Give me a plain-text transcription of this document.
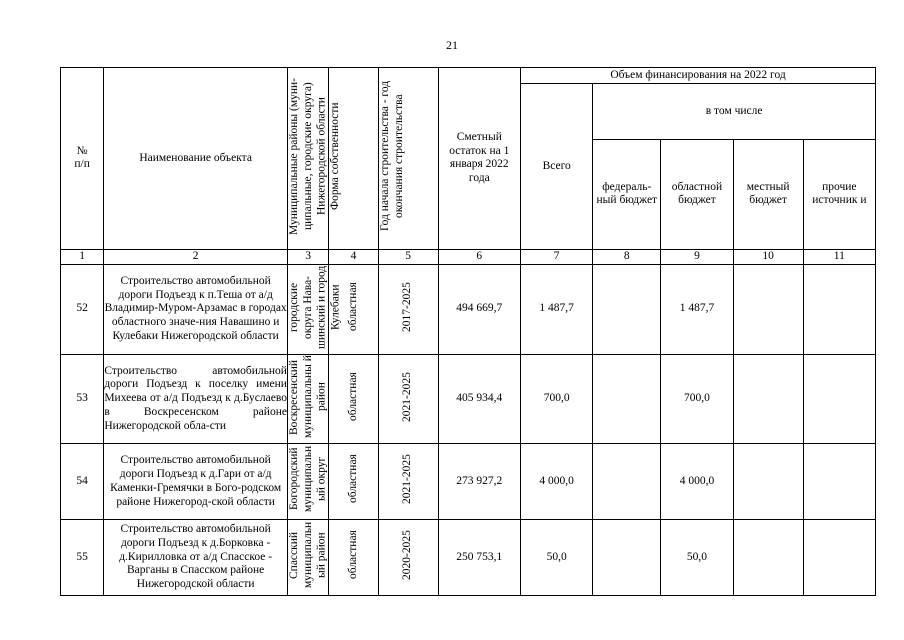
21
№
п/п	Наименование объекта	Муниципальные районы (муни-ципальные, городские округа) Нижегородской области	Форма собственности	Год начала строительства - год окончания строительства	Сметный остаток на 1 января 2022 года	Объем финансирования на 2022 год				
						Всего	в том числе			
							федераль-ный бюджет	областной бюджет	местный бюджет	прочие источник и
1	2	3	4	5	6	7	8	9	10	11
52	Строительство автомобильной дороги Подъезд к п.Теша от а/д Владимир-Муром-Арзамас в городах областного значе-ния Навашино и Кулебаки Нижегородской области	городские округа Нава-шинский и город Кулебаки	областная	2017-2025	494 669,7	1 487,7		1 487,7		
53	Строительство автомобильной дороги Подъезд к поселку имени Михеева от а/д Подъезд к д.Буслаево в Воскресенском районе Нижегородской обла-сти	Воскресенский муниципальны й район	областная	2021-2025	405 934,4	700,0		700,0		
54	Строительство автомобильной дороги Подъезд к д.Гари от а/д Каменки-Гремячки в Бого-родском районе Нижегород-ской области	Богородский муниципальн ый округ	областная	2021-2025	273 927,2	4 000,0		4 000,0		
55	Строительство автомобильной дороги Подъезд к д.Борковка - д.Кирилловка от а/д Спасское - Варганы в Спасском районе Нижегородской области	Спасский муниципальн ый район	областная	2020-2025	250 753,1	50,0		50,0		
